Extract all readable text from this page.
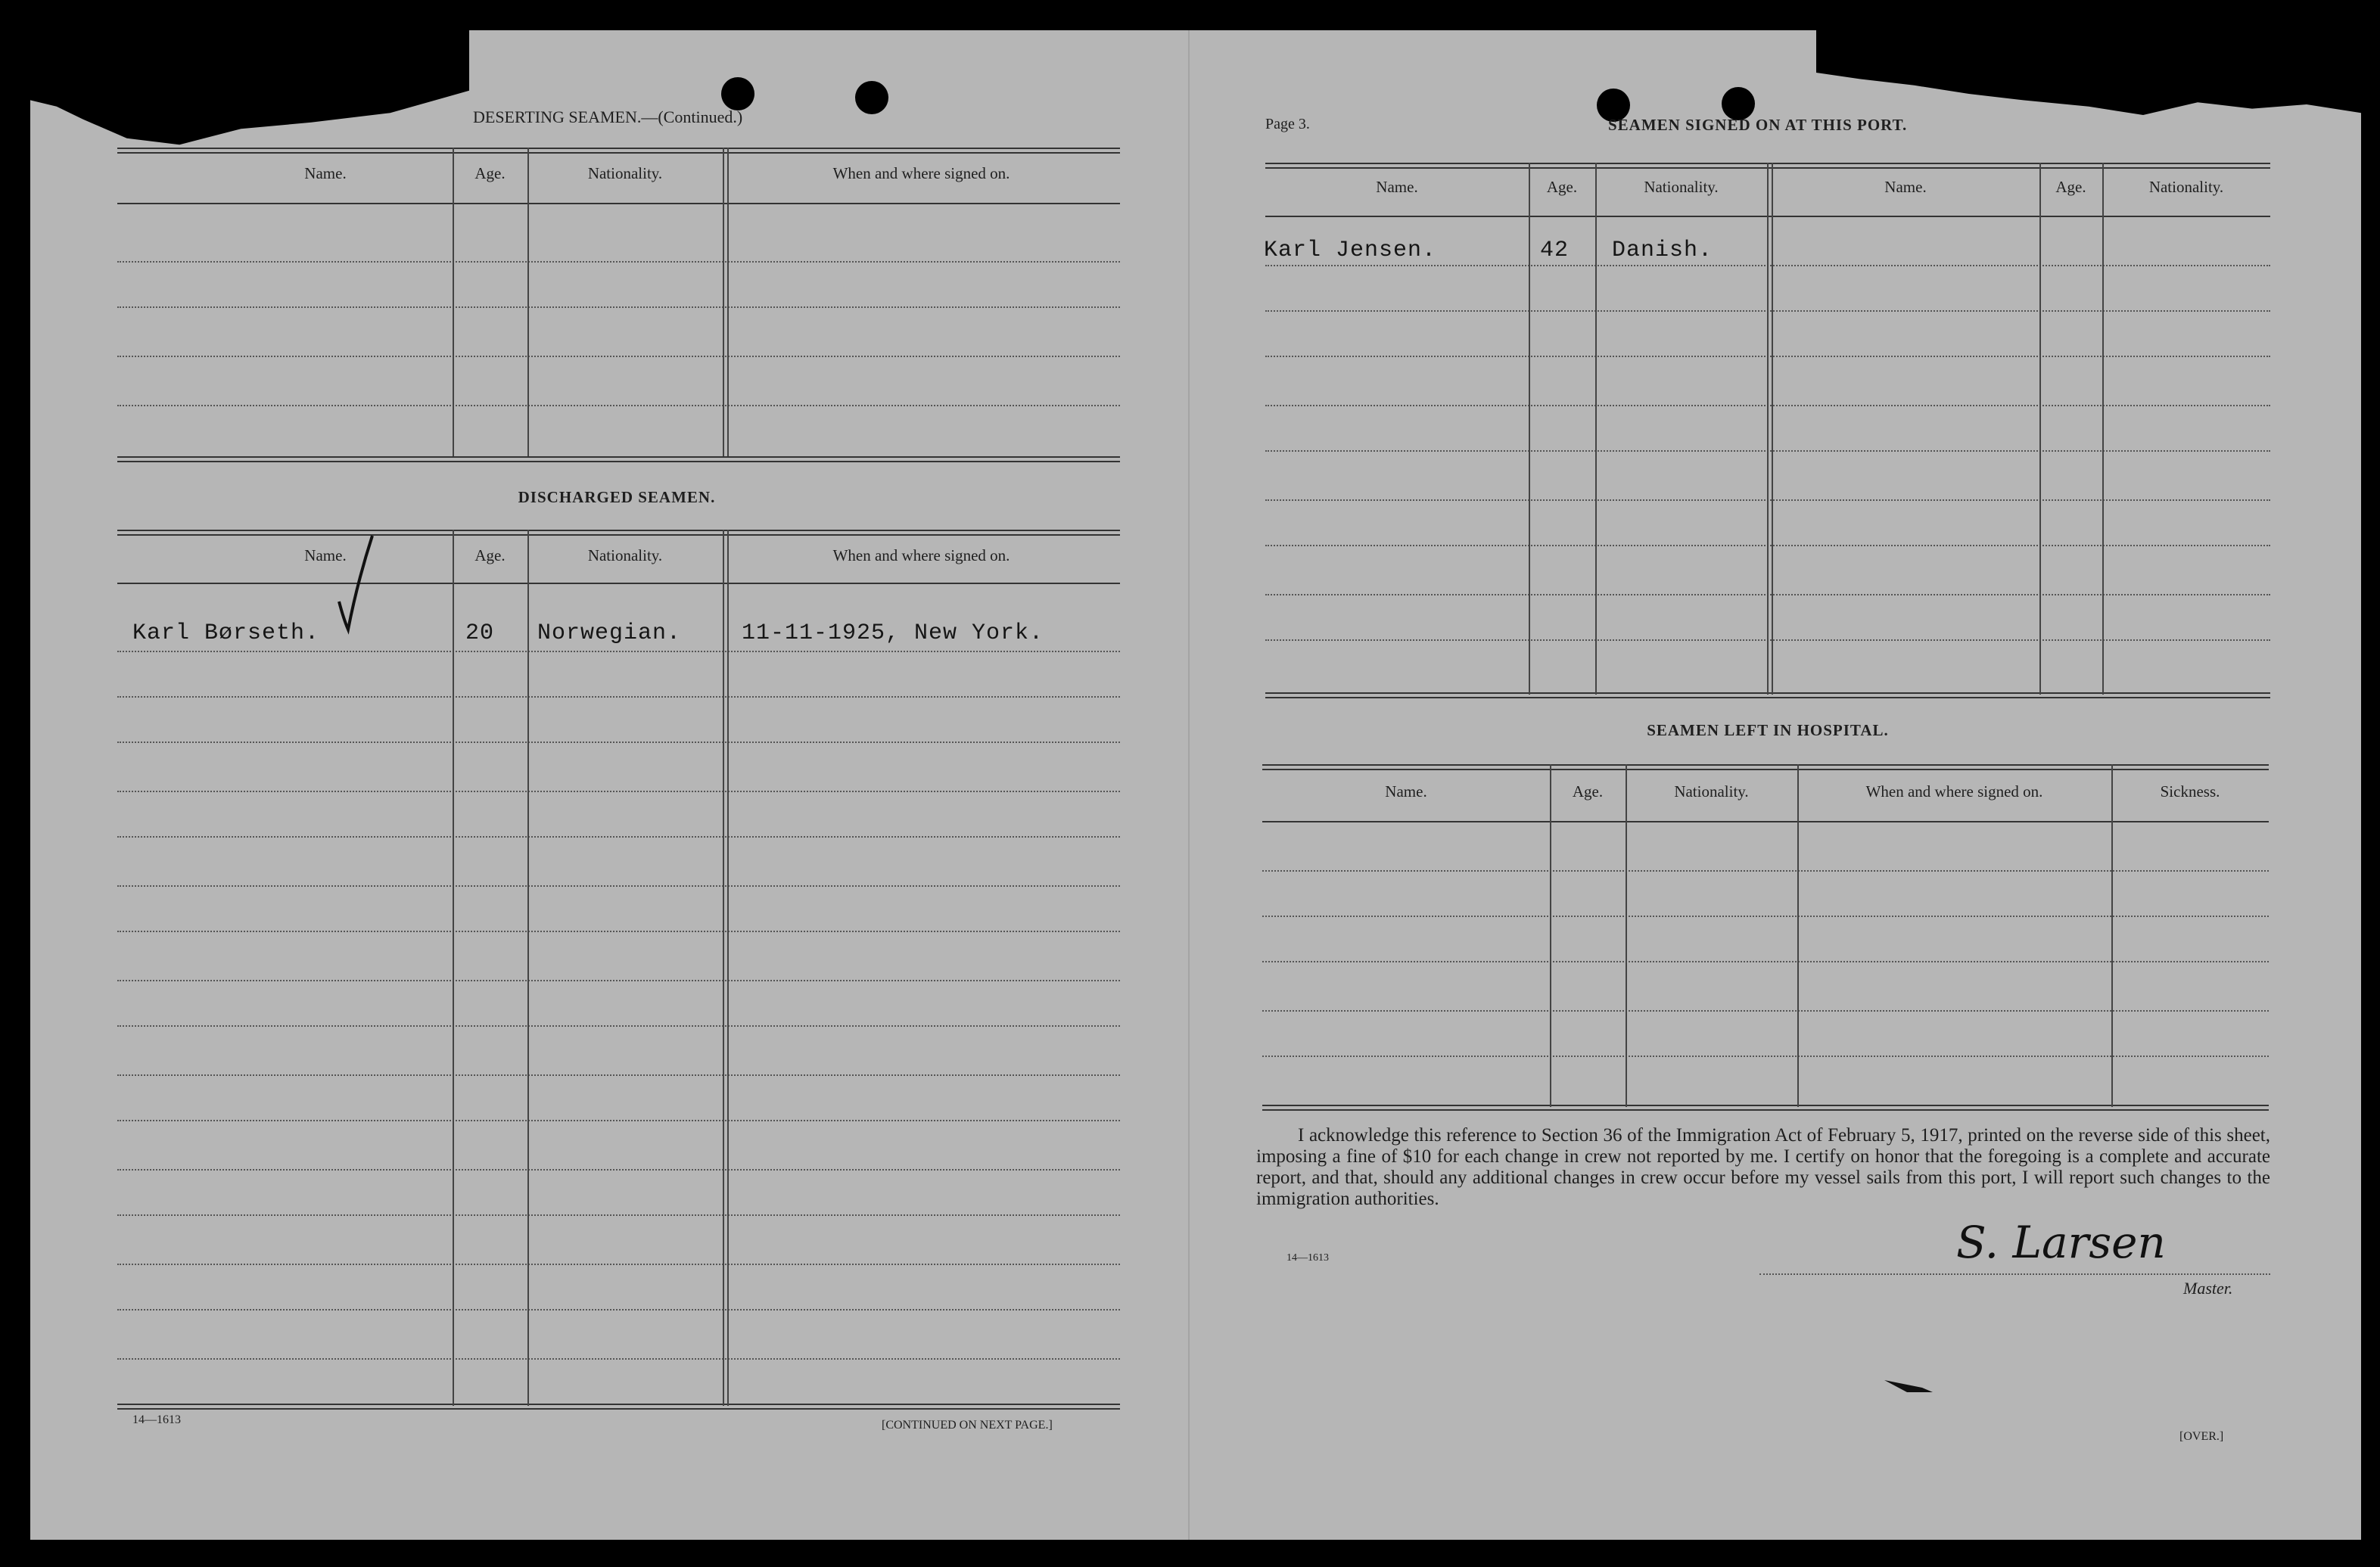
DESERTING SEAMEN.—(Continued.)
Name.	Age.	Nationality.	When and where signed on.
DISCHARGED SEAMEN.
Name.	Age.	Nationality.	When and where signed on.
Karl Børseth.	20 Norwegian.	11-11-1925, New York.
14—1613	[CONTINUED ON NEXT PAGE.]
Page 3.	SEAMEN SIGNED ON AT THIS PORT.
Name.	Age.	Nationality.	Name.	Age.	Nationality.
Karl Jensen.	42 Danish.
SEAMEN LEFT IN HOSPITAL.
Name.	Age.	Nationality.	When and where signed on.	Sickness.
I acknowledge this reference to Section 36 of the Immigration Act of February 5, 1917, printed on the reverse side of this sheet, imposing a fine of $10 for each change in crew not reported by me. I certify on honor that the foregoing is a complete and accurate report, and that, should any additional changes in crew occur before my vessel sails from this port, I will report such changes to the immigration authorities.
14—1613	S. Larsen
Master.
[OVER.]
